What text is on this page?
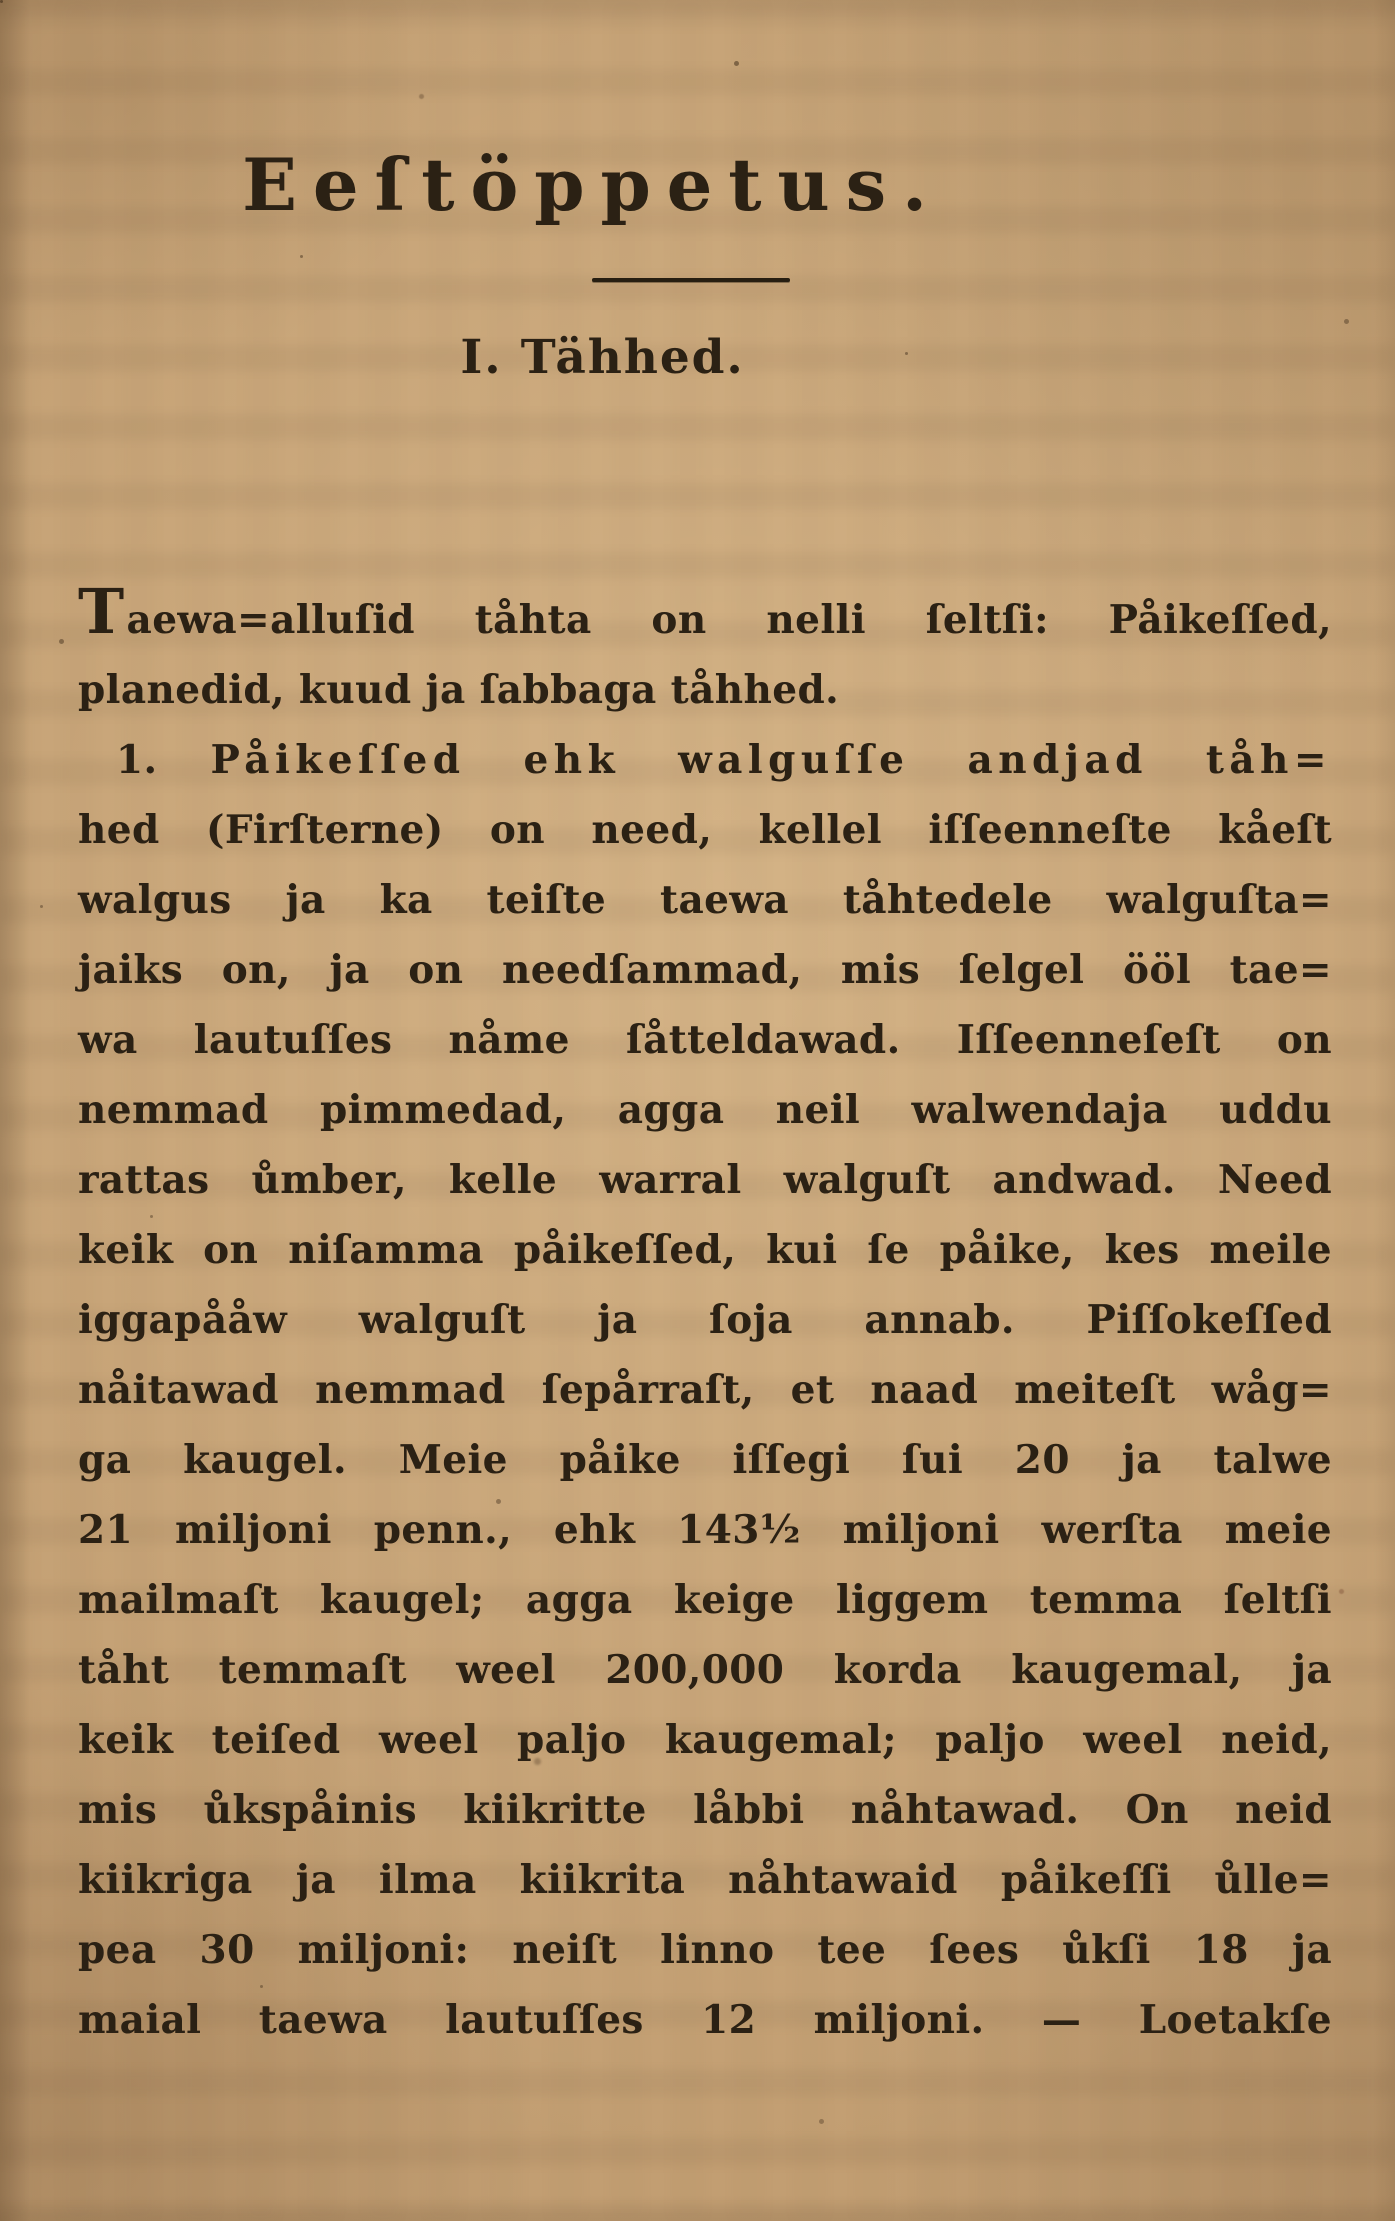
Eeſtöppetus.
I. Tähhed.
Taewa=alluſid tåhta on nelli ſeltſi: Påikeſſed,
planedid, kuud ja ſabbaga tåhhed.
1. Påikeſſed ehk walguſſe andjad tåh=
hed (Firſterne) on need, kellel iſſeenneſte kåeſt
walgus ja ka teiſte taewa tåhtedele walguſta=
jaiks on, ja on needſammad, mis ſelgel ööl tae=
wa lautuſſes nåme ſåtteldawad. Iſſeenneſeſt on
nemmad pimmedad, agga neil walwendaja uddu
rattas ůmber, kelle warral walguſt andwad. Need
keik on niſamma påikeſſed, kui ſe påike, kes meile
iggapååw walguſt ja ſoja annab. Piſſokeſſed
nåitawad nemmad ſepårraſt, et naad meiteſt wåg=
ga kaugel. Meie påike iſſegi ſui 20 ja talwe
21 miljoni penn., ehk 143½ miljoni werſta meie
mailmaſt kaugel; agga keige liggem temma ſeltſi
tåht temmaſt weel 200,000 korda kaugemal, ja
keik teiſed weel paljo kaugemal; paljo weel neid,
mis ůkspåinis kiikritte låbbi nåhtawad. On neid
kiikriga ja ilma kiikrita nåhtawaid påikeſſi ůlle=
pea 30 miljoni: neiſt linno tee ſees ůkſi 18 ja
maial taewa lautuſſes 12 miljoni. — Loetakſe
